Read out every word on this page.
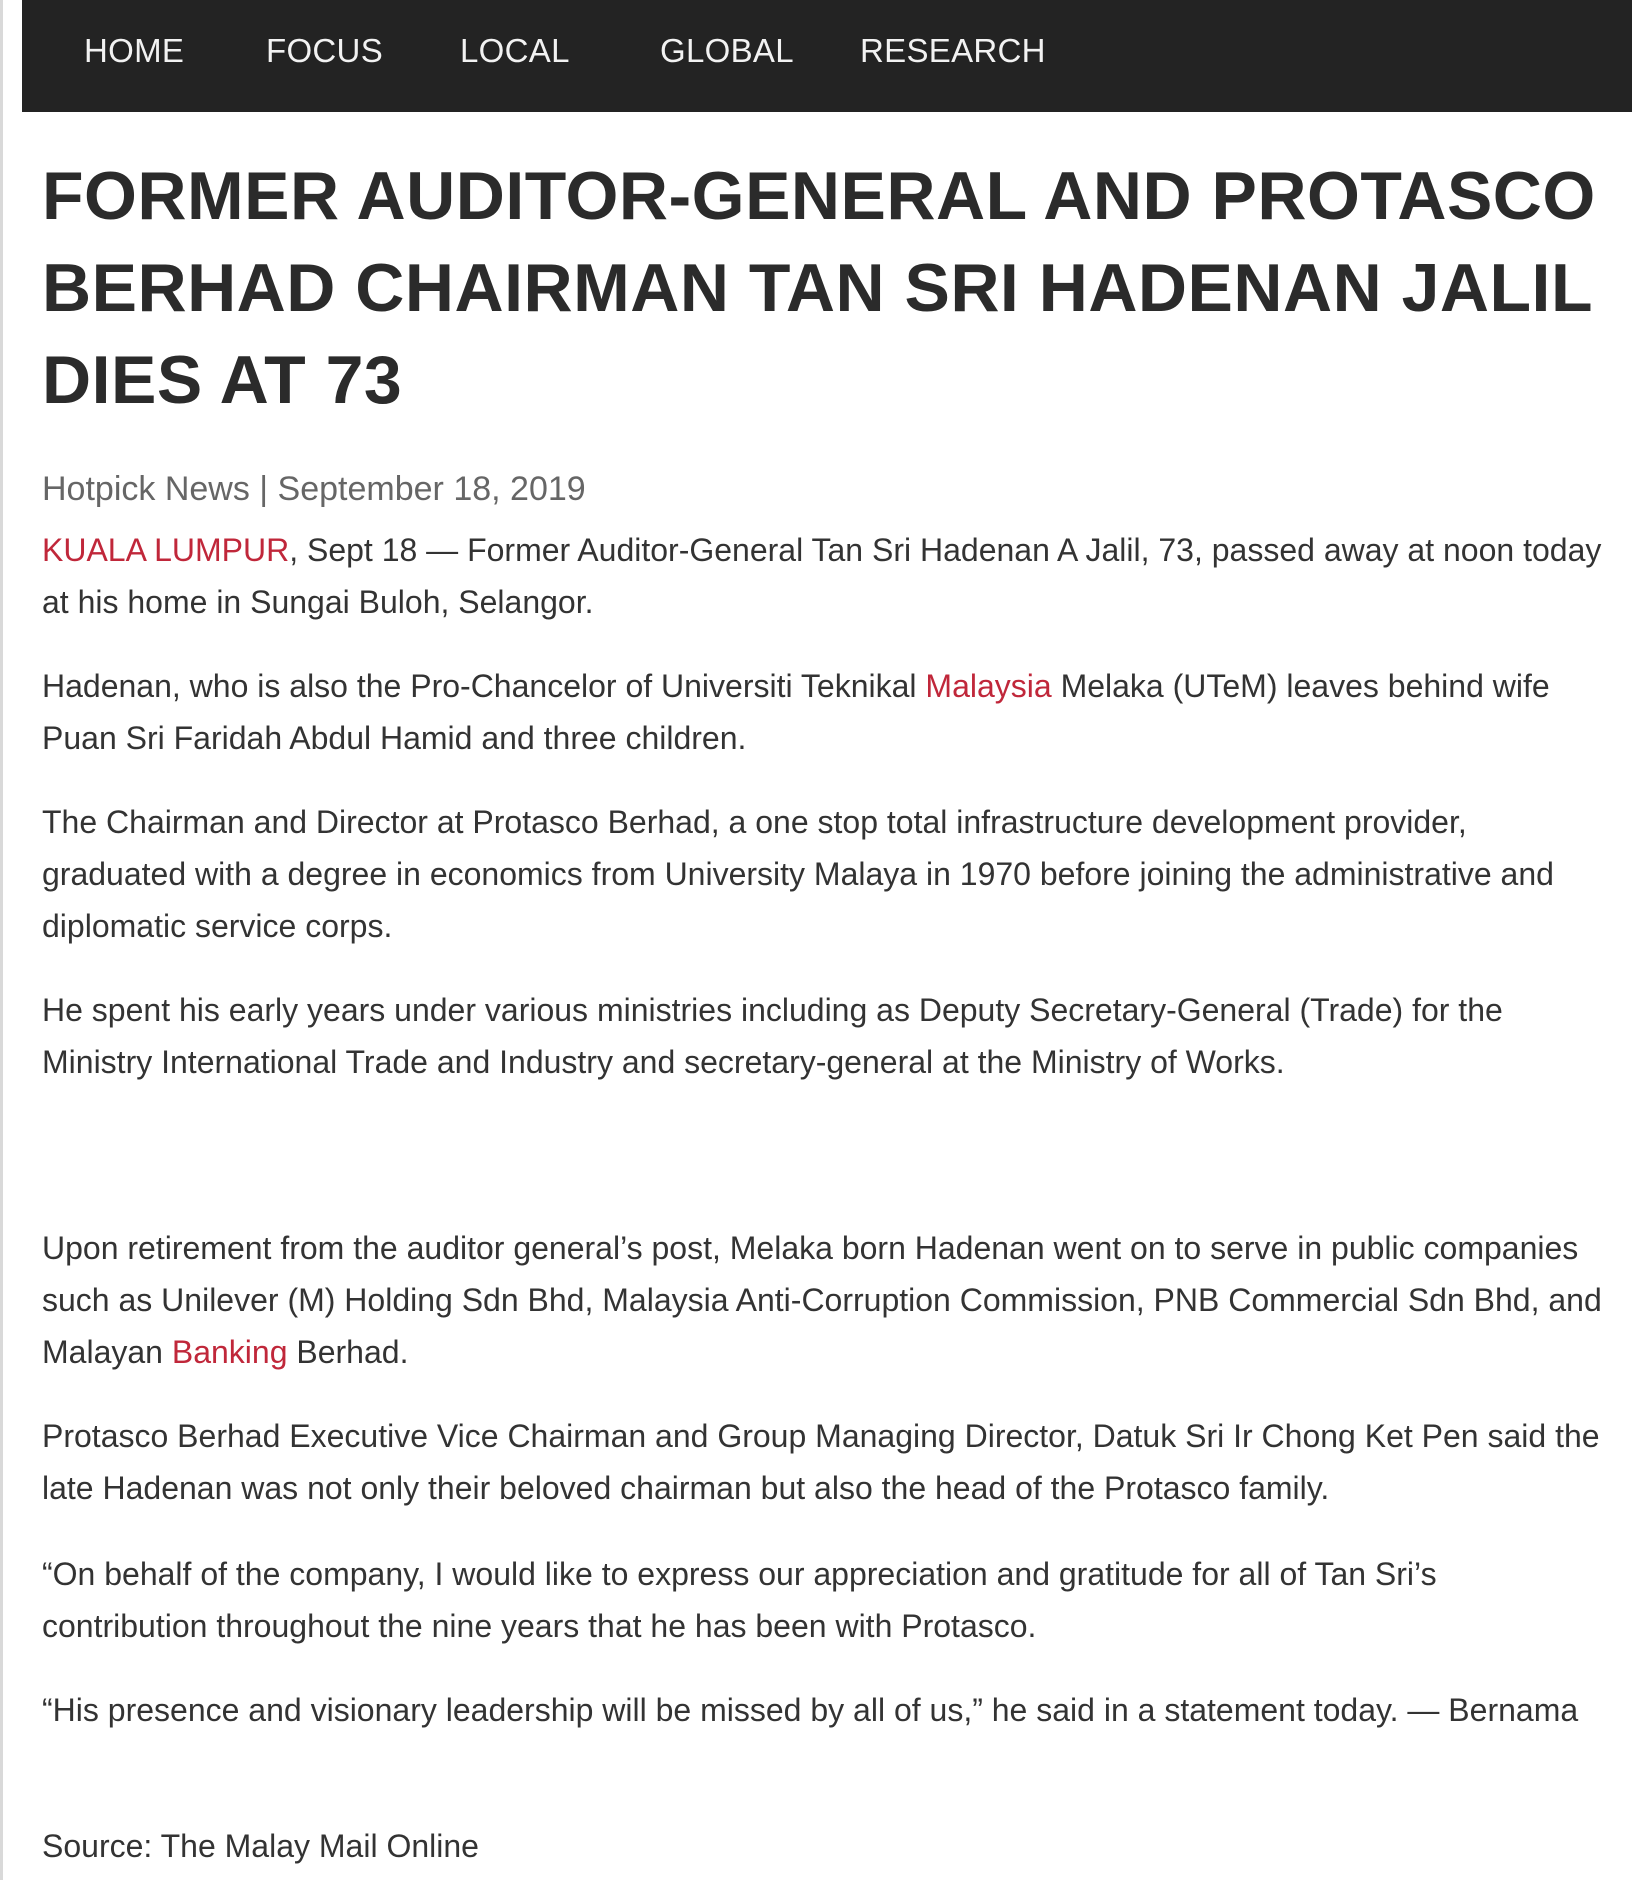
HOME FOCUS LOCAL	GLOBAL RESEARCH
FORMER AUDITOR-GENERAL AND PROTASCO BERHAD CHAIRMAN TAN SRI HADENAN JALIL DIES AT 73
Hotpick News | September 18, 2019

KUALA LUMPUR, Sept 18 — Former Auditor-General Tan Sri Hadenan A Jalil, 73, passed away at noon today at his home in Sungai Buloh, Selangor.

Hadenan, who is also the Pro-Chancelor of Universiti Teknikal Malaysia Melaka (UTeM) leaves behind wife Puan Sri Faridah Abdul Hamid and three children.

The Chairman and Director at Protasco Berhad, a one stop total infrastructure development provider, graduated with a degree in economics from University Malaya in 1970 before joining the administrative and diplomatic service corps.

He spent his early years under various ministries including as Deputy Secretary-General (Trade) for the Ministry International Trade and Industry and secretary-general at the Ministry of Works.

Upon retirement from the auditor general’s post, Melaka born Hadenan went on to serve in public companies such as Unilever (M) Holding Sdn Bhd, Malaysia Anti-Corruption Commission, PNB Commercial Sdn Bhd, and Malayan Banking Berhad.

Protasco Berhad Executive Vice Chairman and Group Managing Director, Datuk Sri Ir Chong Ket Pen said the late Hadenan was not only their beloved chairman but also the head of the Protasco family.

“On behalf of the company, I would like to express our appreciation and gratitude for all of Tan Sri’s contribution throughout the nine years that he has been with Protasco.

“His presence and visionary leadership will be missed by all of us,” he said in a statement today. — Bernama

Source: The Malay Mail Online
